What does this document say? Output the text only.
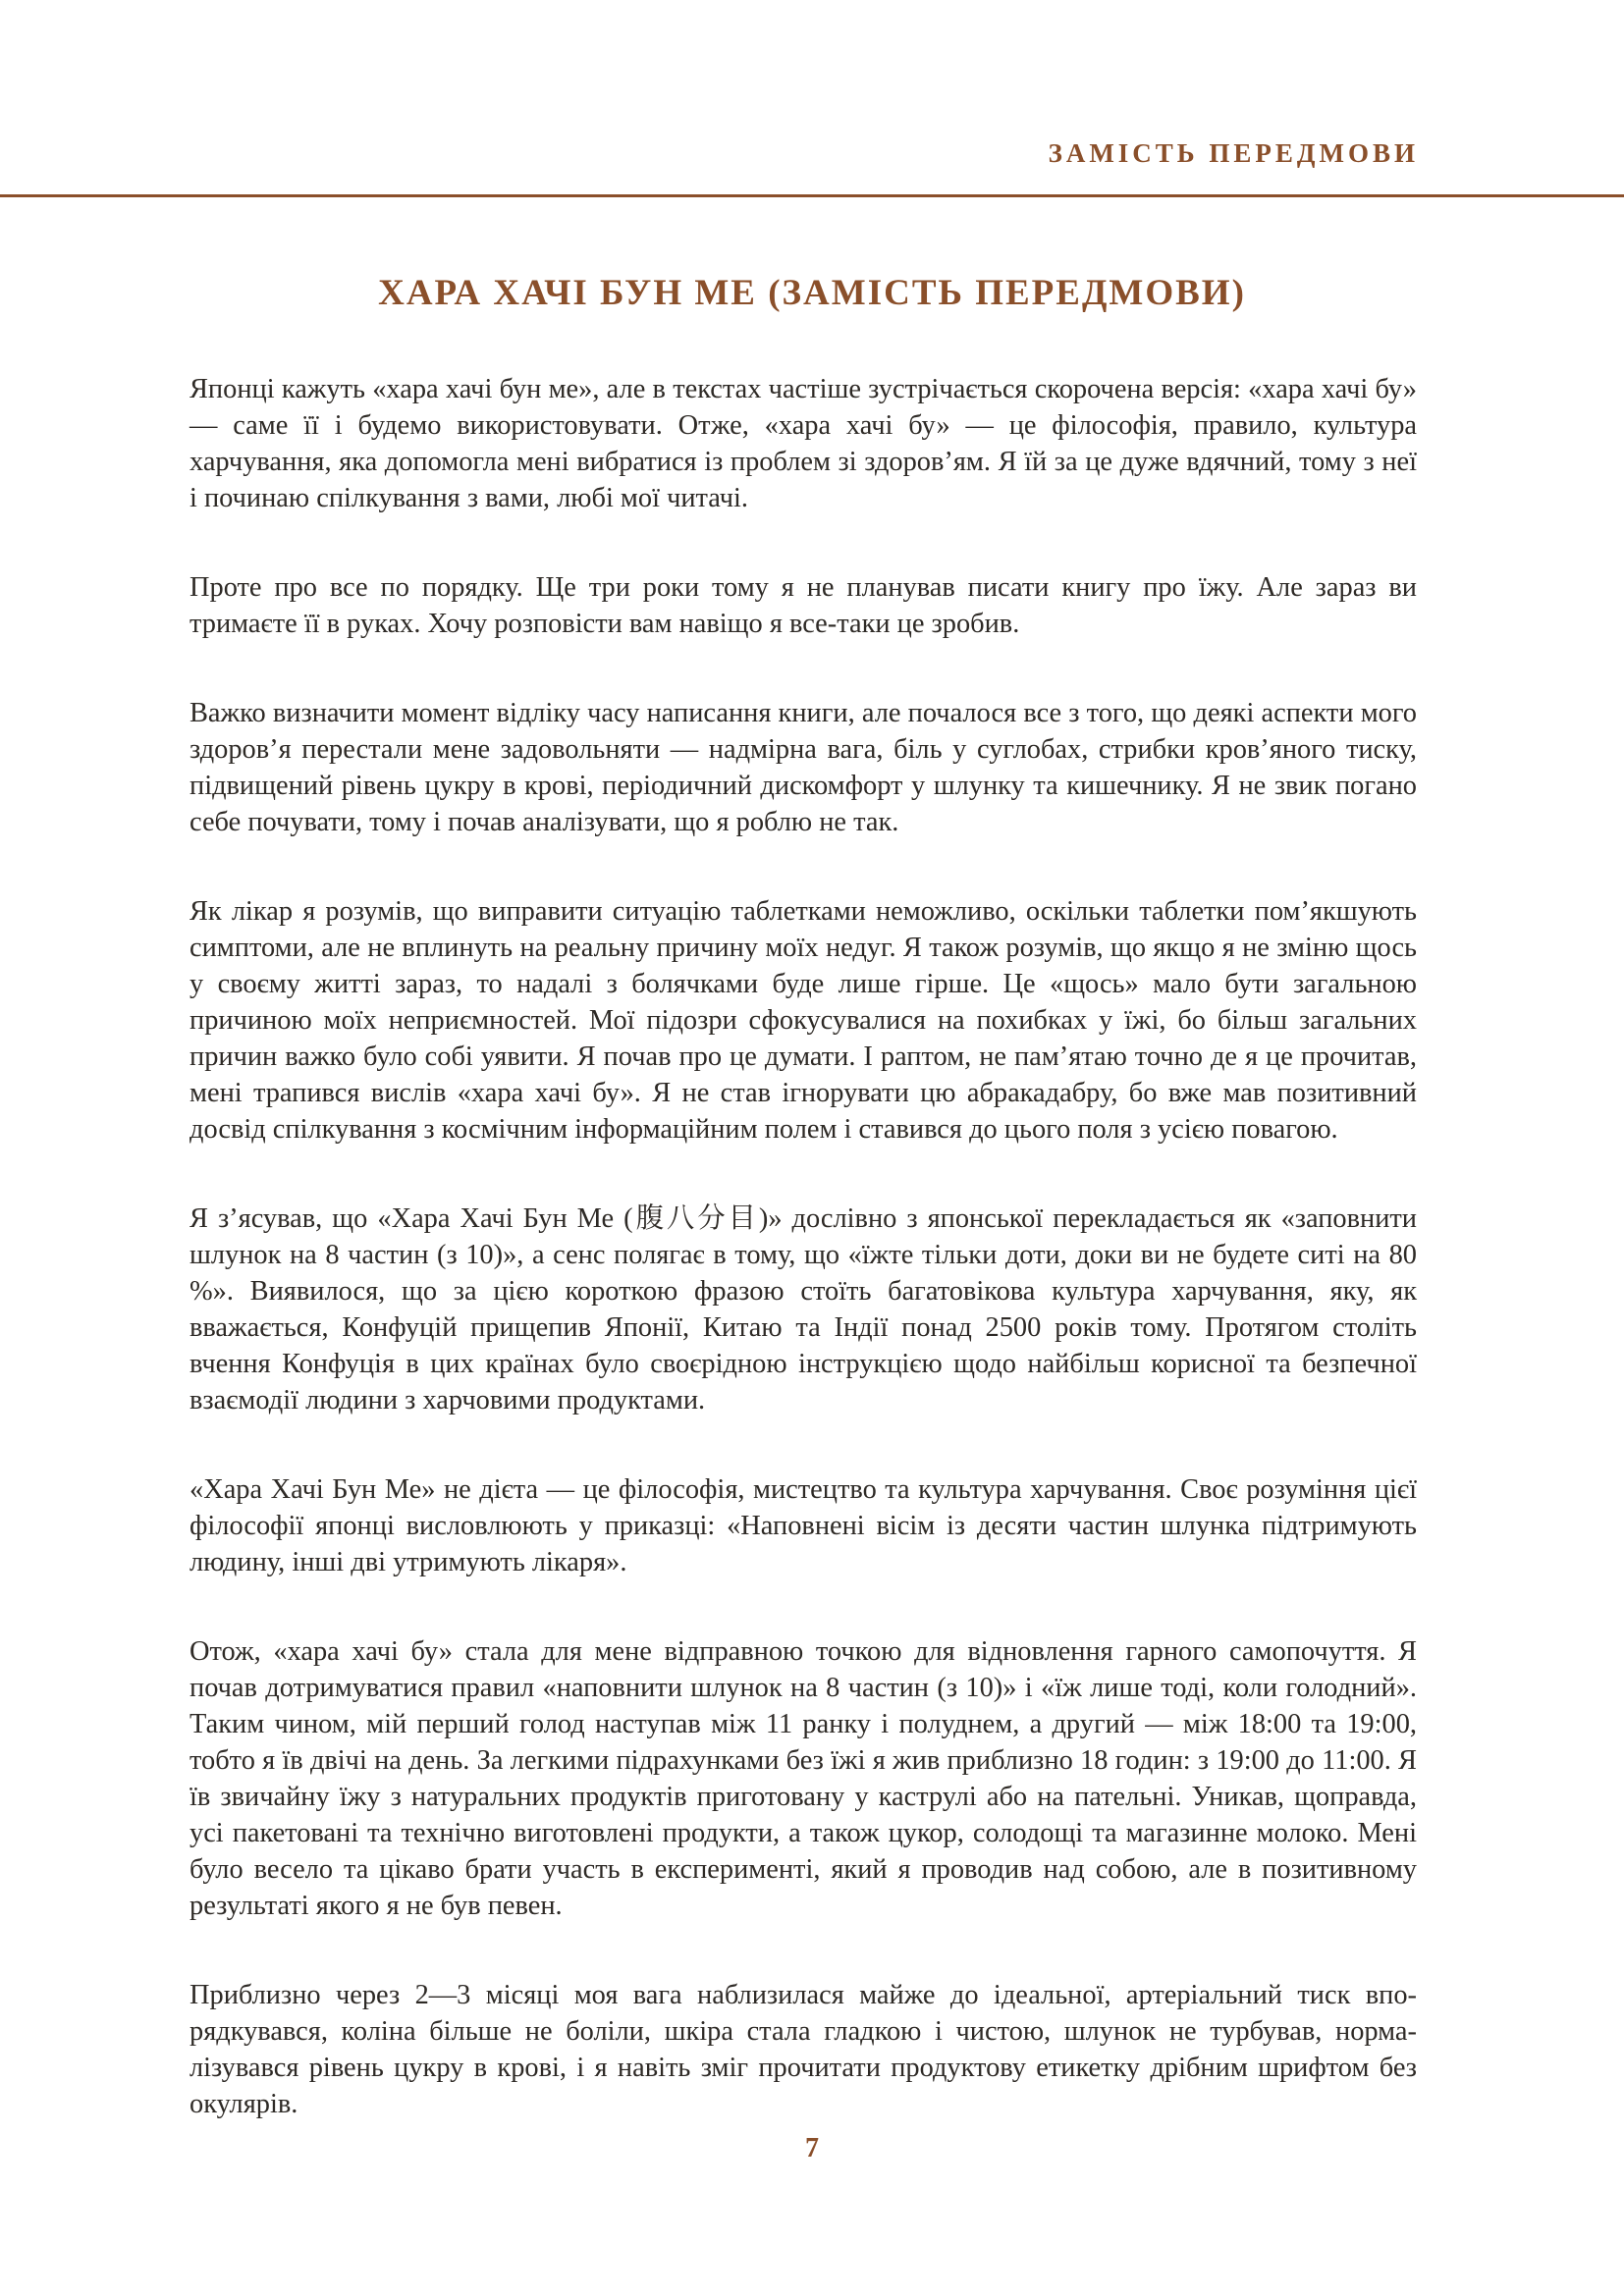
ЗАМІСТЬ ПЕРЕДМОВИ
ХАРА ХАЧІ БУН МЕ (ЗАМІСТЬ ПЕРЕДМОВИ)

Японці кажуть «хара хачі бун ме», але в текстах частіше зустрічається скорочена версія: «хара хачі бу» — саме її і будемо використовувати. Отже, «хара хачі бу» — це філософія, правило, культура харчування, яка допомогла мені вибратися із проблем зі здоров’ям. Я їй за це дуже вдячний, тому з неї і починаю спілкування з вами, любі мої читачі.

Проте про все по порядку. Ще три роки тому я не планував писати книгу про їжу. Але зараз ви тримаєте її в руках. Хочу розповісти вам навіщо я все-таки це зробив.

Важко визначити момент відліку часу написання книги, але почалося все з того, що деякі аспекти мого здоров’я перестали мене задовольняти — надмірна вага, біль у суглобах, стрибки кров’яного тиску, підвищений рівень цукру в крові, періодичний дискомфорт у шлунку та кишечнику. Я не звик погано себе почувати, тому і почав аналізувати, що я роблю не так.

Як лікар я розумів, що виправити ситуацію таблетками неможливо, оскільки таблетки пом’якшують симптоми, але не вплинуть на реальну причину моїх недуг. Я також розумів, що якщо я не зміню щось у своєму житті зараз, то надалі з болячками буде лише гірше. Це «щось» мало бути загальною причиною моїх неприємностей. Мої підозри сфокусувалися на похибках у їжі, бо більш загальних причин важко було собі уявити. Я почав про це думати. І раптом, не пам’ятаю точно де я це прочитав, мені трапився вислів «хара хачі бу». Я не став ігнорувати цю абракадабру, бо вже мав позитивний досвід спілкування з космічним інформаційним полем і ставився до цього поля з усією повагою.

Я з’ясував, що «Хара Хачі Бун Ме (腹八分目)» дослівно з японської перекладається як «заповнити шлунок на 8 частин (з 10)», а сенс полягає в тому, що «їжте тільки доти, доки ви не будете ситі на 80 %». Виявилося, що за цією короткою фразою стоїть багатовікова культура харчування, яку, як вважається, Конфуцій прищепив Японії, Китаю та Індії понад 2500 років тому. Протягом століть вчення Конфуція в цих країнах було своєрідною інструкцією щодо найбільш корисної та безпечної взаємодії людини з харчовими продуктами.

«Хара Хачі Бун Ме» не дієта — це філософія, мистецтво та культура харчування. Своє розуміння цієї філософії японці висловлюють у приказці: «Наповнені вісім із десяти частин шлунка підтримують людину, інші дві утримують лікаря».

Отож, «хара хачі бу» стала для мене відправною точкою для відновлення гарного самопочуття. Я почав дотримуватися правил «наповнити шлунок на 8 частин (з 10)» і «їж лише тоді, коли голодний». Таким чином, мій перший голод наступав між 11 ранку і полуднем, а другий — між 18:00 та 19:00, тобто я їв двічі на день. За легкими підрахунками без їжі я жив приблизно 18 годин: з 19:00 до 11:00. Я їв звичайну їжу з натуральних продуктів приготовану у каструлі або на пательні. Уникав, щоправда, усі пакетовані та технічно виготовлені продукти, а також цукор, солодощі та магазинне молоко. Мені було весело та цікаво брати участь в експерименті, який я проводив над собою, але в позитивному результаті якого я не був певен.

Приблизно через 2—3 місяці моя вага наблизилася майже до ідеальної, артеріальний тиск впорядкувався, коліна більше не боліли, шкіра стала гладкою і чистою, шлунок не турбував, нормалізувався рівень цукру в крові, і я навіть зміг прочитати продуктову етикетку дрібним шрифтом без окулярів.

7
